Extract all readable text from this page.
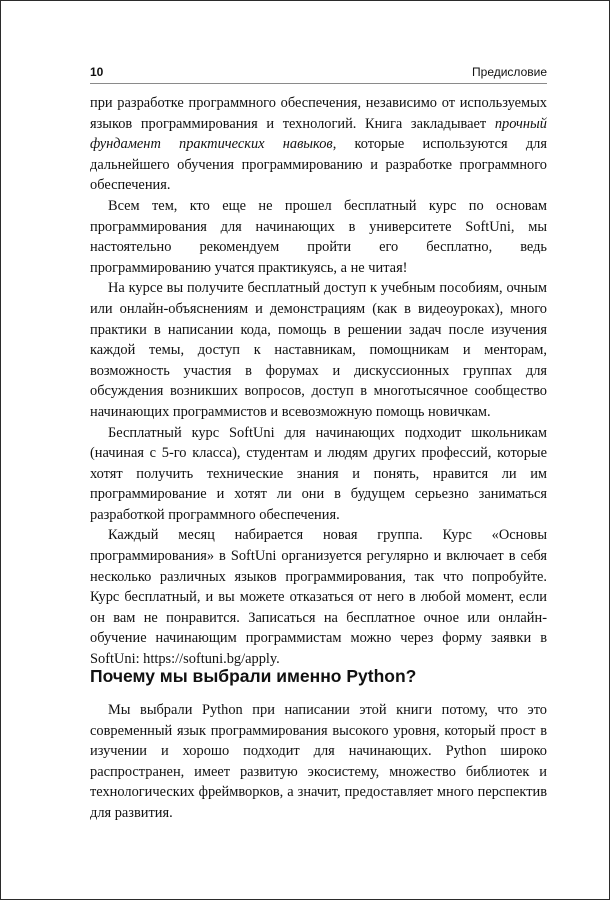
10	Предисловие

при разработке программного обеспечения, независимо от используемых языков программирования и технологий. Книга закладывает прочный фундамент практических навыков, которые используются для дальнейшего обучения программированию и разработке программного обеспечения.

Всем тем, кто еще не прошел бесплатный курс по основам программирования для начинающих в университете SoftUni, мы настоятельно рекомендуем пройти его бесплатно, ведь программированию учатся практикуясь, а не читая!

На курсе вы получите бесплатный доступ к учебным пособиям, очным или онлайн-объяснениям и демонстрациям (как в видеоуроках), много практики в написании кода, помощь в решении задач после изучения каждой темы, доступ к наставникам, помощникам и менторам, возможность участия в форумах и дискуссионных группах для обсуждения возникших вопросов, доступ в многотысячное сообщество начинающих программистов и всевозможную помощь новичкам.

Бесплатный курс SoftUni для начинающих подходит школьникам (начиная с 5-го класса), студентам и людям других профессий, которые хотят получить технические знания и понять, нравится ли им программирование и хотят ли они в будущем серьезно заниматься разработкой программного обеспечения.

Каждый месяц набирается новая группа. Курс «Основы программирования» в SoftUni организуется регулярно и включает в себя несколько различных языков программирования, так что попробуйте. Курс бесплатный, и вы можете отказаться от него в любой момент, если он вам не понравится. Записаться на бесплатное очное или онлайн-обучение начинающим программистам можно через форму заявки в SoftUni: https://softuni.bg/apply.

Почему мы выбрали именно Python?

Мы выбрали Python при написании этой книги потому, что это современный язык программирования высокого уровня, который прост в изучении и хорошо подходит для начинающих. Python широко распространен, имеет развитую экосистему, множество библиотек и технологических фреймворков, а значит, предоставляет много перспектив для развития.
